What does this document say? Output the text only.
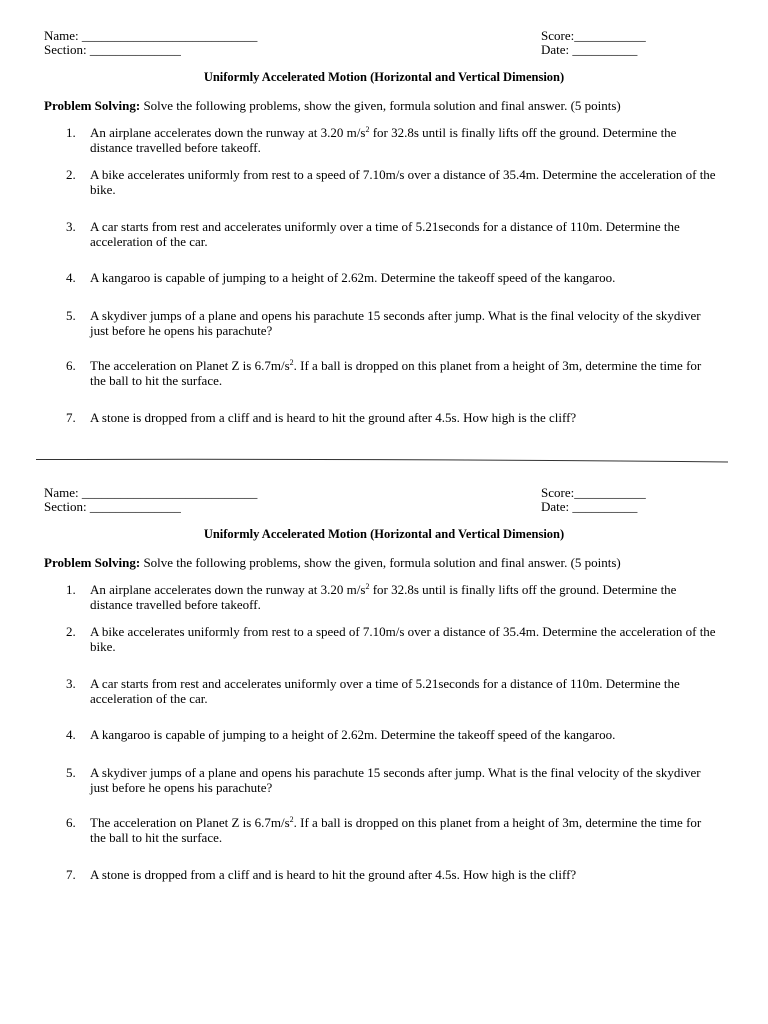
Name: ___________________________	Score:___________
Section: ______________	Date: __________
Uniformly Accelerated Motion (Horizontal and Vertical Dimension)
Problem Solving: Solve the following problems, show the given, formula solution and final answer. (5 points)
1. An airplane accelerates down the runway at 3.20 $m/s^2$ for 32.8s until is finally lifts off the ground. Determine the distance travelled before takeoff.
2. A bike accelerates uniformly from rest to a speed of 7.10m/s over a distance of 35.4m. Determine the acceleration of the bike.
3. A car starts from rest and accelerates uniformly over a time of 5.21seconds for a distance of 110m. Determine the acceleration of the car.
4. A kangaroo is capable of jumping to a height of 2.62m. Determine the takeoff speed of the kangaroo.
5. A skydiver jumps of a plane and opens his parachute 15 seconds after jump. What is the final velocity of the skydiver just before he opens his parachute?
6. The acceleration on Planet Z is $6.7m/s^2$. If a ball is dropped on this planet from a height of 3m, determine the time for the ball to hit the surface.
7. A stone is dropped from a cliff and is heard to hit the ground after 4.5s. How high is the cliff?
Name: ___________________________	Score:___________
Section: ______________	Date: __________
Uniformly Accelerated Motion (Horizontal and Vertical Dimension)
Problem Solving: Solve the following problems, show the given, formula solution and final answer. (5 points)
1. An airplane accelerates down the runway at 3.20 $m/s^2$ for 32.8s until is finally lifts off the ground. Determine the distance travelled before takeoff.
2. A bike accelerates uniformly from rest to a speed of 7.10m/s over a distance of 35.4m. Determine the acceleration of the bike.
3. A car starts from rest and accelerates uniformly over a time of 5.21seconds for a distance of 110m. Determine the acceleration of the car.
4. A kangaroo is capable of jumping to a height of 2.62m. Determine the takeoff speed of the kangaroo.
5. A skydiver jumps of a plane and opens his parachute 15 seconds after jump. What is the final velocity of the skydiver just before he opens his parachute?
6. The acceleration on Planet Z is $6.7m/s^2$. If a ball is dropped on this planet from a height of 3m, determine the time for the ball to hit the surface.
7. A stone is dropped from a cliff and is heard to hit the ground after 4.5s. How high is the cliff?
